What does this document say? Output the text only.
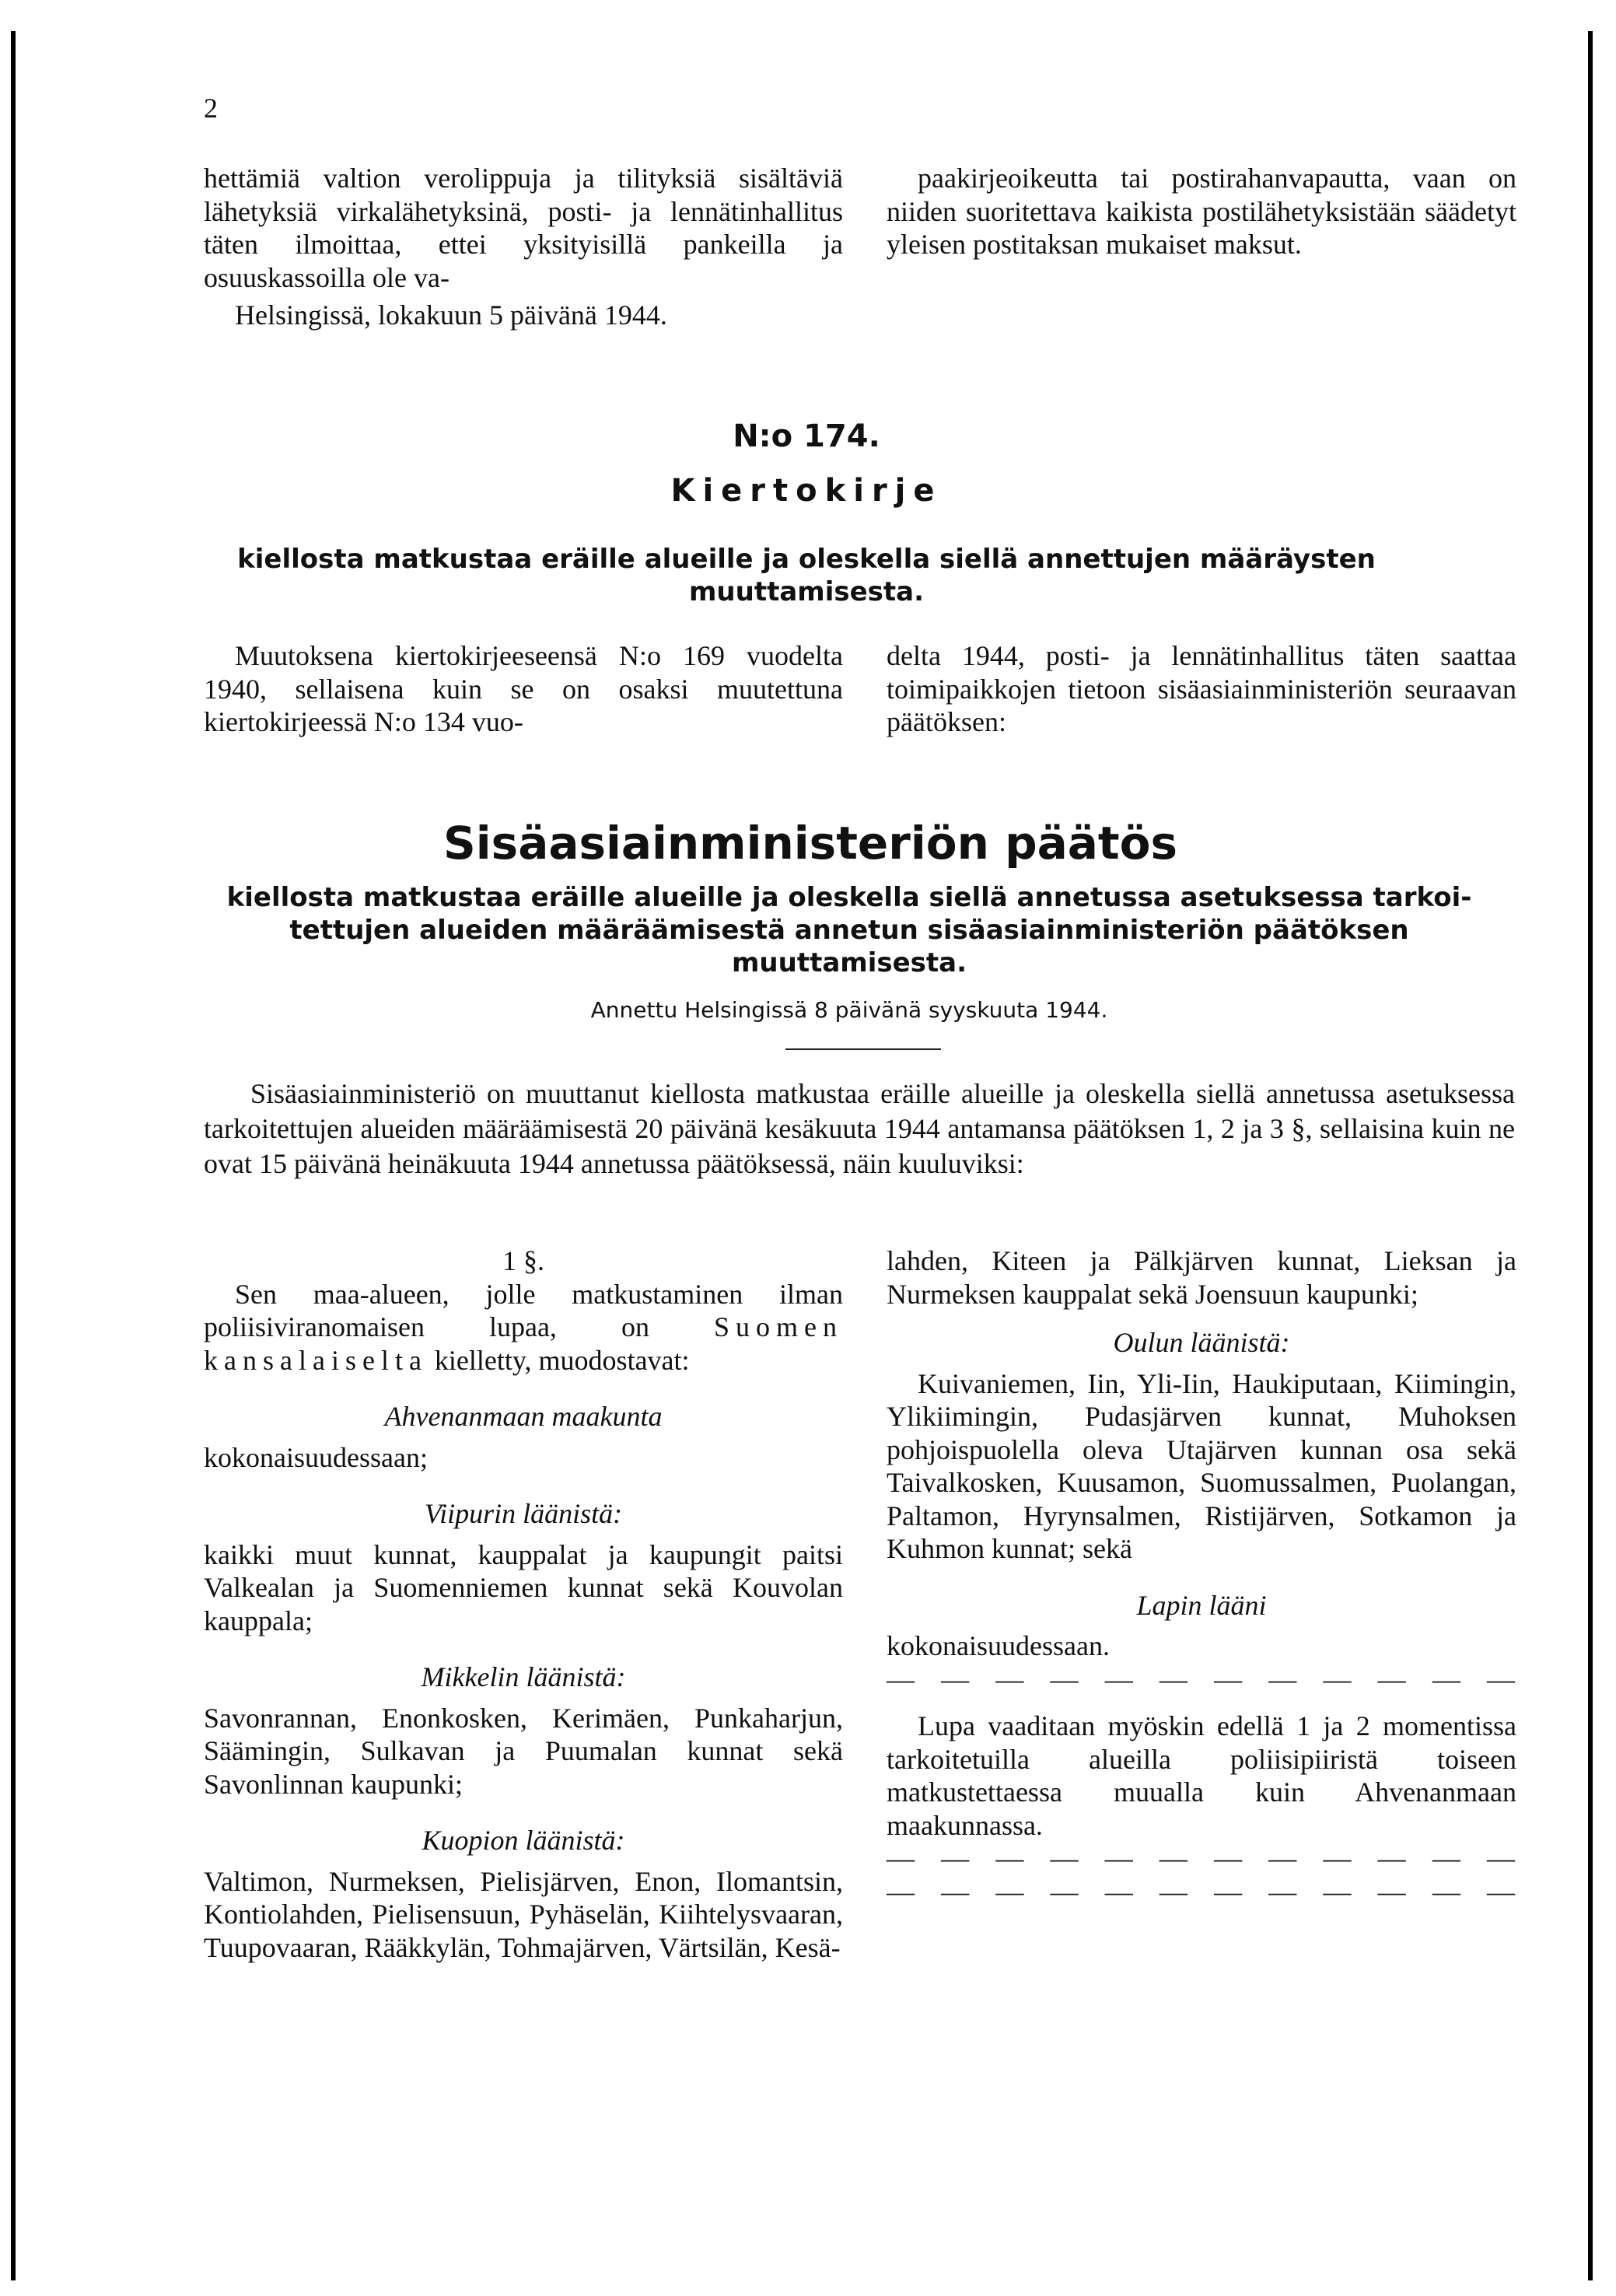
2

hettämiä valtion verolippuja ja tilityksiä sisältäviä lähetyksiä virkalähetyksinä, posti- ja lennätinhallitus täten ilmoittaa, ettei yksityisillä pankeilla ja osuuskassoilla ole va-

Helsingissä, lokakuun 5 päivänä 1944.

paakirjeoikeutta tai postirahanvapautta, vaan on niiden suoritettava kaikista postilähetyksistään säädetyt yleisen postitaksan mukaiset maksut.

N:o 174.
Kiertokirje
kiellosta matkustaa eräille alueille ja oleskella siellä annettujen määräysten
muuttamisesta.

Muutoksena kiertokirjeeseensä N:o 169 vuodelta 1940, sellaisena kuin se on osaksi muutettuna kiertokirjeessä N:o 134 vuo-

delta 1944, posti- ja lennätinhallitus täten saattaa toimipaikkojen tietoon sisäasiainministeriön seuraavan päätöksen:

Sisäasiainministeriön päätös
kiellosta matkustaa eräille alueille ja oleskella siellä annetussa asetuksessa tarkoi-
tettujen alueiden määräämisestä annetun sisäasiainministeriön päätöksen
muuttamisesta.
Annettu Helsingissä 8 päivänä syyskuuta 1944.
Sisäasiainministeriö on muuttanut kiellosta matkustaa eräille alueille ja oleskella siellä annetussa asetuksessa tarkoitettujen alueiden määräämisestä 20 päivänä kesäkuuta 1944 antamansa päätöksen 1, 2 ja 3 §, sellaisina kuin ne ovat 15 päivänä heinäkuuta 1944 annetussa päätöksessä, näin kuuluviksi:

1 §.

Sen maa-alueen, jolle matkustaminen ilman poliisiviranomaisen lupaa, on Suomen kansalaiselta kielletty, muodostavat:

Ahvenanmaan maakunta

kokonaisuudessaan;

Viipurin läänistä:

kaikki muut kunnat, kauppalat ja kaupungit paitsi Valkealan ja Suomenniemen kunnat sekä Kouvolan kauppala;

Mikkelin läänistä:

Savonrannan, Enonkosken, Kerimäen, Punkaharjun, Säämingin, Sulkavan ja Puumalan kunnat sekä Savonlinnan kaupunki;

Kuopion läänistä:

Valtimon, Nurmeksen, Pielisjärven, Enon, Ilomantsin, Kontiolahden, Pielisensuun, Pyhäselän, Kiihtelysvaaran, Tuupovaaran, Rääkkylän, Tohmajärven, Värtsilän, Kesä-

lahden, Kiteen ja Pälkjärven kunnat, Lieksan ja Nurmeksen kauppalat sekä Joensuun kaupunki;

Oulun läänistä:

Kuivaniemen, Iin, Yli-Iin, Haukiputaan, Kiimingin, Ylikiimingin, Pudasjärven kunnat, Muhoksen pohjoispuolella oleva Utajärven kunnan osa sekä Taivalkosken, Kuusamon, Suomussalmen, Puolangan, Paltamon, Hyrynsalmen, Ristijärven, Sotkamon ja Kuhmon kunnat; sekä

Lapin lääni

kokonaisuudessaan.

— — — — — — — — — — — —

Lupa vaaditaan myöskin edellä 1 ja 2 momentissa tarkoitetuilla alueilla poliisipiiristä toiseen matkustettaessa muualla kuin Ahvenanmaan maakunnassa.

— — — — — — — — — — — —

— — — — — — — — — — — —
